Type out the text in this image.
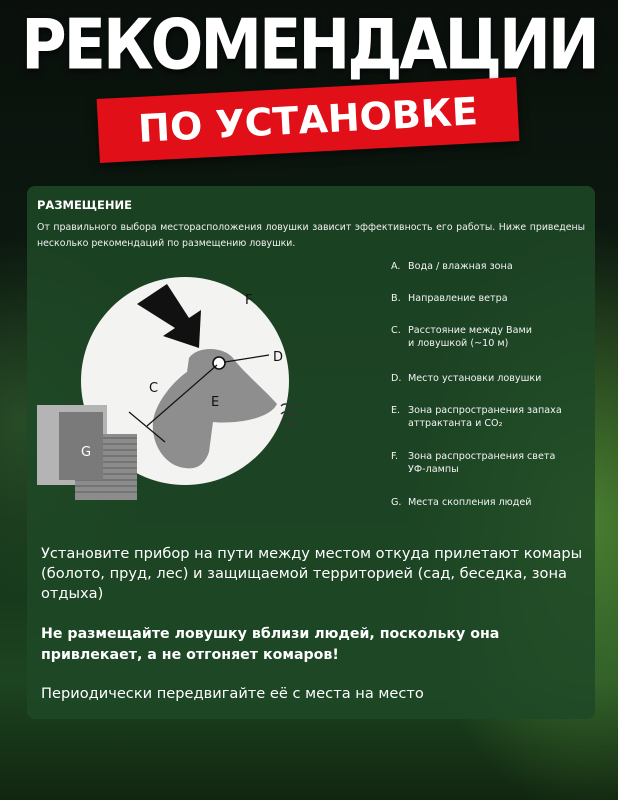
РЕКОМЕНДАЦИИ
ПО УСТАНОВКЕ
РАЗМЕЩЕНИЕ
От правильного выбора месторасположения ловушки зависит эффективность его работы. Ниже приведены несколько рекомендаций по размещению ловушки.
B	F
C
D
E
G
A. Вода / влажная зона
B. Направление ветра
C. Расстояние между Вами и ловушкой (~10 м)
D. Место установки ловушки
E. Зона распространения запаха аттрактанта и CO₂
F.	Зона распространения света УФ-лампы
G. Места скопления людей
Установите прибор на пути между местом откуда прилетают комары (болото, пруд, лес) и защищаемой территорией (сад, беседка, зона отдыха)
Не размещайте ловушку вблизи людей, поскольку она привлекает, а не отгоняет комаров!
Периодически передвигайте её с места на место
